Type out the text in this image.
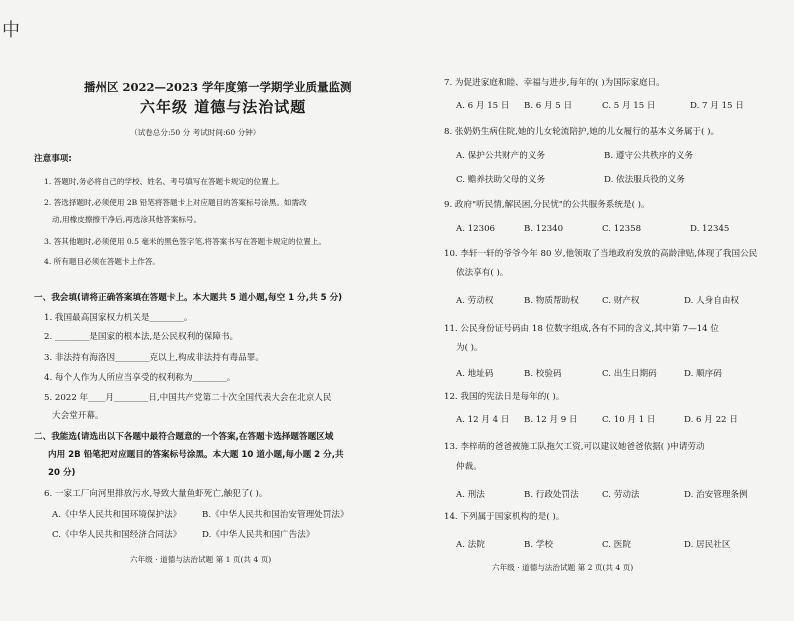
中
播州区 2022—2023 学年度第一学期学业质量监测
六年级 道德与法治试题
（试卷总分:50 分 考试时间:60 分钟）
注意事项:
1. 答题时,务必将自己的学校、姓名、考号填写在答题卡规定的位置上。
2. 答选择题时,必须使用 2B 铅笔将答题卡上对应题目的答案标号涂黑。如需改
动,用橡皮擦擦干净后,再选涂其他答案标号。
3. 答其他题时,必须使用 0.5 毫米的黑色签字笔,将答案书写在答题卡规定的位置上。
4. 所有题目必须在答题卡上作答。
一、我会填(请将正确答案填在答题卡上。本大题共 5 道小题,每空 1 分,共 5 分)
1. 我国最高国家权力机关是________。
2. ________是国家的根本法,是公民权利的保障书。
3. 非法持有海洛因________克以上,构成非法持有毒品罪。
4. 每个人作为人所应当享受的权利称为________。
5. 2022 年____月________日,中国共产党第二十次全国代表大会在北京人民
大会堂开幕。
二、我能选(请选出以下各题中最符合题意的一个答案,在答题卡选择题答题区域
内用 2B 铅笔把对应题目的答案标号涂黑。本大题 10 道小题,每小题 2 分,共
20 分)
6. 一家工厂向河里排放污水,导致大量鱼虾死亡,触犯了( )。
A.《中华人民共和国环境保护法》 B.《中华人民共和国治安管理处罚法》
C.《中华人民共和国经济合同法》 D.《中华人民共和国广告法》
六年级 · 道德与法治试题 第 1 页(共 4 页)
7. 为促进家庭和睦、幸福与进步,每年的( )为国际家庭日。
A. 6 月 15 日 B. 6 月 5 日	C. 5 月 15 日	D. 7 月 15 日
8. 张奶奶生病住院,她的儿女轮流陪护,她的儿女履行的基本义务属于( )。
A. 保护公共财产的义务	B. 遵守公共秩序的义务
C. 赡养扶助父母的义务	D. 依法服兵役的义务
9. 政府"听民情,解民困,分民忧"的公共服务系统是( )。
A. 12306	B. 12340	C. 12358	D. 12345
10. 李轩一轩的爷爷今年 80 岁,他领取了当地政府发放的高龄津贴,体现了我国公民
依法享有( )。
A. 劳动权	B. 物质帮助权	C. 财产权	D. 人身自由权
11. 公民身份证号码由 18 位数字组成,各有不同的含义,其中第 7—14 位
为( )。
A. 地址码	B. 校验码	C. 出生日期码	D. 顺序码
12. 我国的宪法日是每年的( )。
A. 12 月 4 日 B. 12 月 9 日	C. 10 月 1 日	D. 6 月 22 日
13. 李梓萌的爸爸被施工队拖欠工资,可以建议她爸爸依据( )申请劳动
仲裁。
A. 刑法	B. 行政处罚法	C. 劳动法	D. 治安管理条例
14. 下列属于国家机构的是( )。
A. 法院	B. 学校	C. 医院	D. 居民社区
六年级 · 道德与法治试题 第 2 页(共 4 页)
